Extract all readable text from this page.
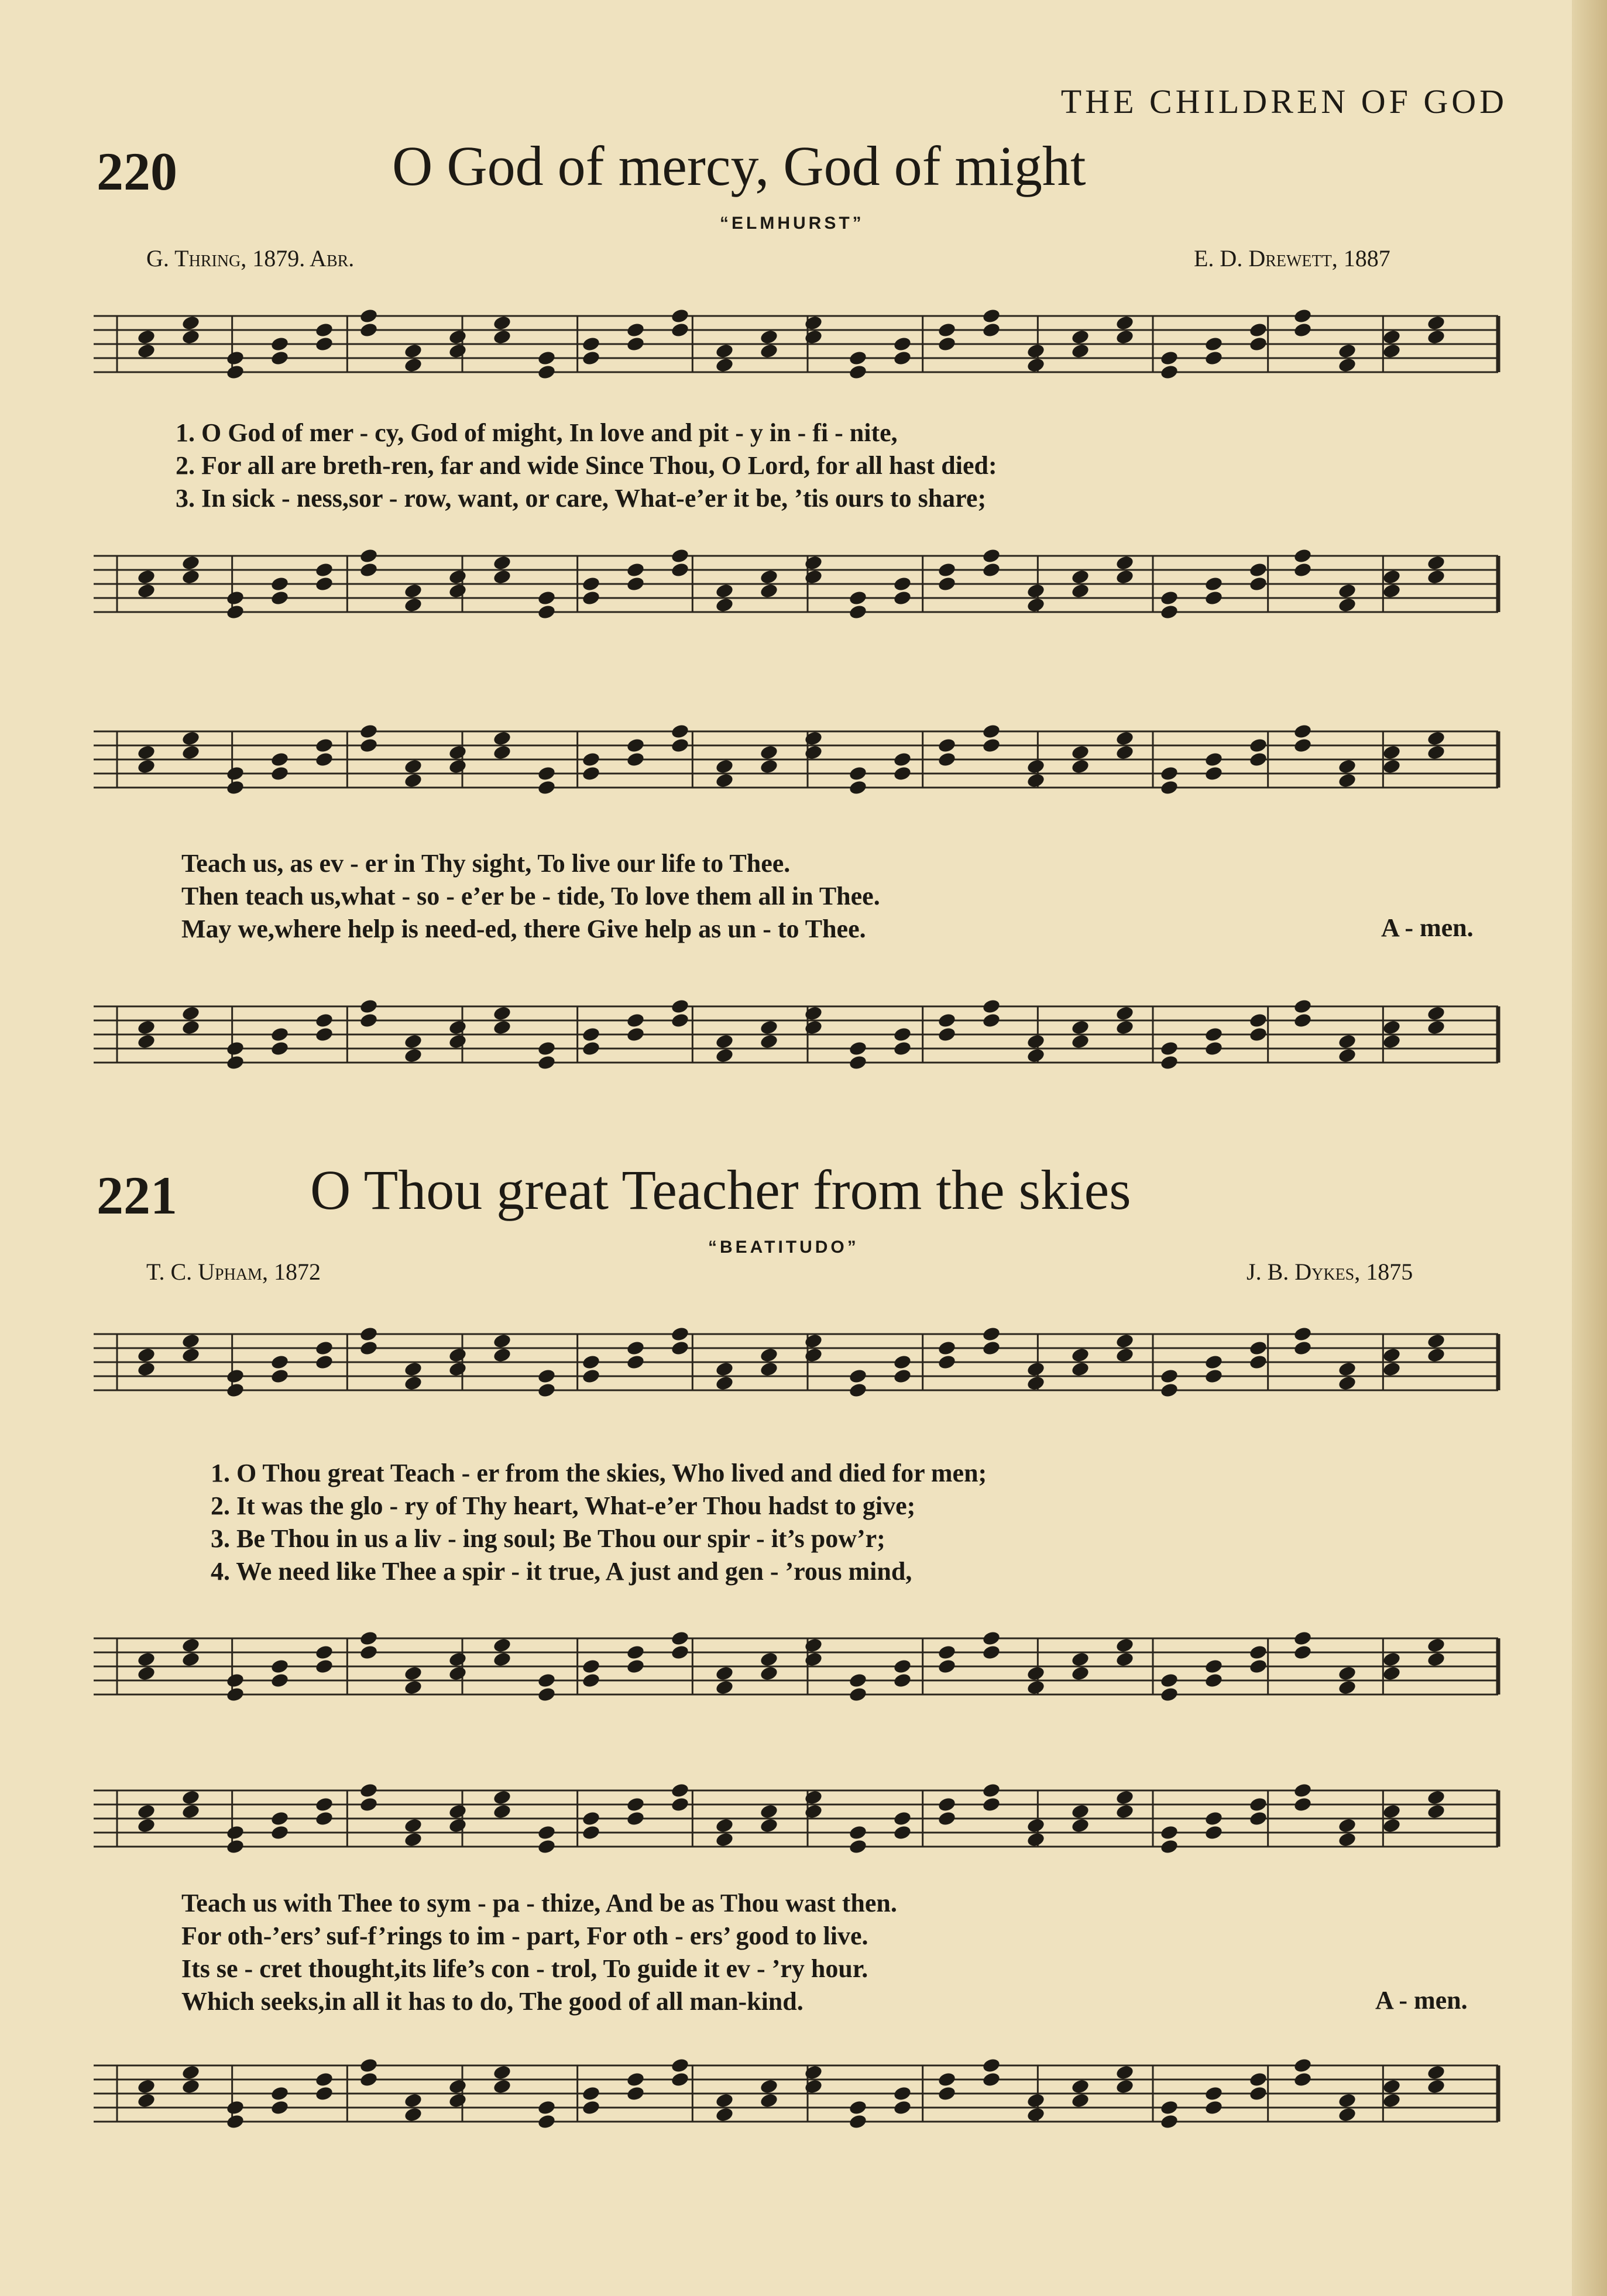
THE CHILDREN OF GOD
220	O God of mercy, God of might
“ELMHURST”
G. Thring, 1879. Abr.	E. D. Drewett, 1887
1. O God of mer - cy, God of might, In love and pit - y in - fi - nite,
2. For all are breth-ren, far and wide Since Thou, O Lord, for all hast died:
3. In sick - ness,sor - row, want, or care, What-e’er it be, ’tis ours to share;
Teach us, as ev - er in Thy sight, To live our life to Thee.
Then teach us,what - so - e’er be - tide, To love them all in Thee.
May we,where help is need-ed, there Give help as un - to Thee.	A - men.
221 O Thou great Teacher from the skies
“BEATITUDO”
T. C. Upham, 1872	J. B. Dykes, 1875
1. O Thou great Teach - er from the skies, Who lived and died for men;
2. It was the glo - ry of Thy heart, What-e’er Thou hadst to give;
3. Be Thou in us a liv - ing soul; Be Thou our spir - it’s pow’r;
4. We need like Thee a spir - it true, A just and gen - ’rous mind,
Teach us with Thee to sym - pa - thize, And be as Thou wast then.
For oth-’ers’ suf-f’rings to im - part, For oth - ers’ good to live.
Its se - cret thought,its life’s con - trol, To guide it ev - ’ry hour.
Which seeks,in all it has to do, The good of all man-kind.	A - men.
